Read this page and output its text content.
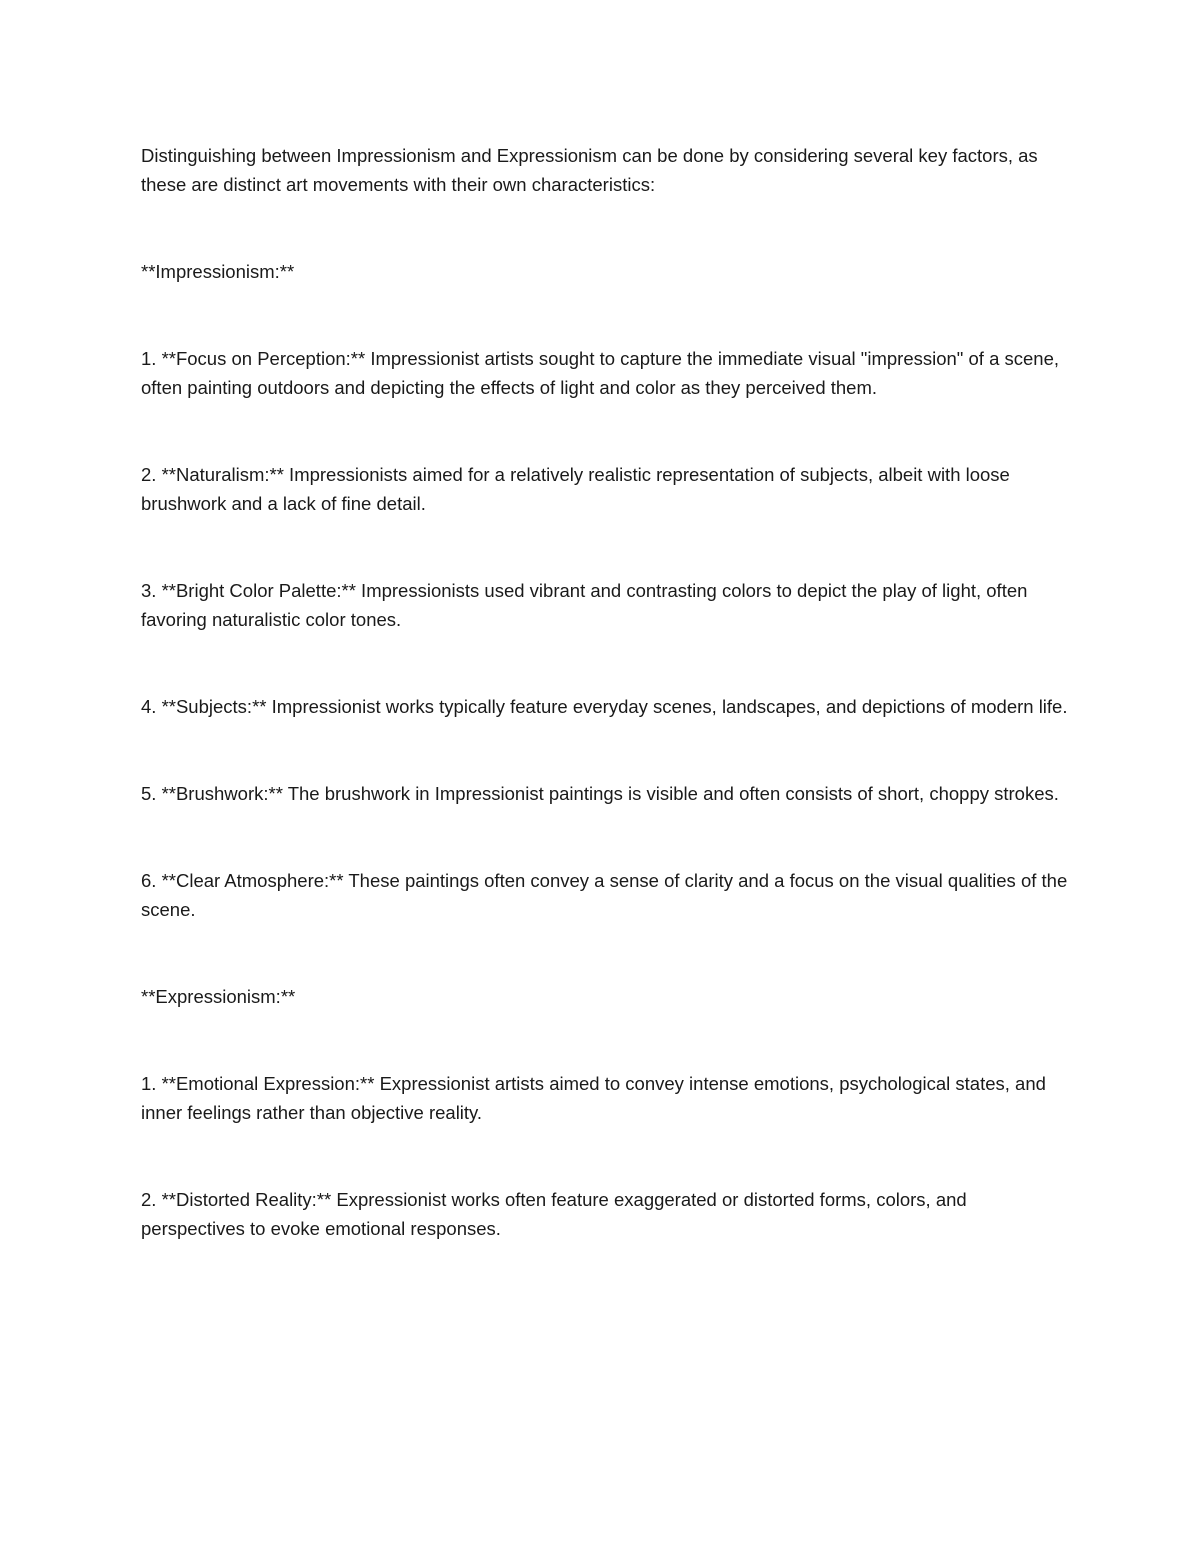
Distinguishing between Impressionism and Expressionism can be done by considering several key factors, as these are distinct art movements with their own characteristics:

**Impressionism:**

1. **Focus on Perception:** Impressionist artists sought to capture the immediate visual "impression" of a scene, often painting outdoors and depicting the effects of light and color as they perceived them.

2. **Naturalism:** Impressionists aimed for a relatively realistic representation of subjects, albeit with loose brushwork and a lack of fine detail.

3. **Bright Color Palette:** Impressionists used vibrant and contrasting colors to depict the play of light, often favoring naturalistic color tones.

4. **Subjects:** Impressionist works typically feature everyday scenes, landscapes, and depictions of modern life.

5. **Brushwork:** The brushwork in Impressionist paintings is visible and often consists of short, choppy strokes.

6. **Clear Atmosphere:** These paintings often convey a sense of clarity and a focus on the visual qualities of the scene.

**Expressionism:**

1. **Emotional Expression:** Expressionist artists aimed to convey intense emotions, psychological states, and inner feelings rather than objective reality.

2. **Distorted Reality:** Expressionist works often feature exaggerated or distorted forms, colors, and perspectives to evoke emotional responses.
